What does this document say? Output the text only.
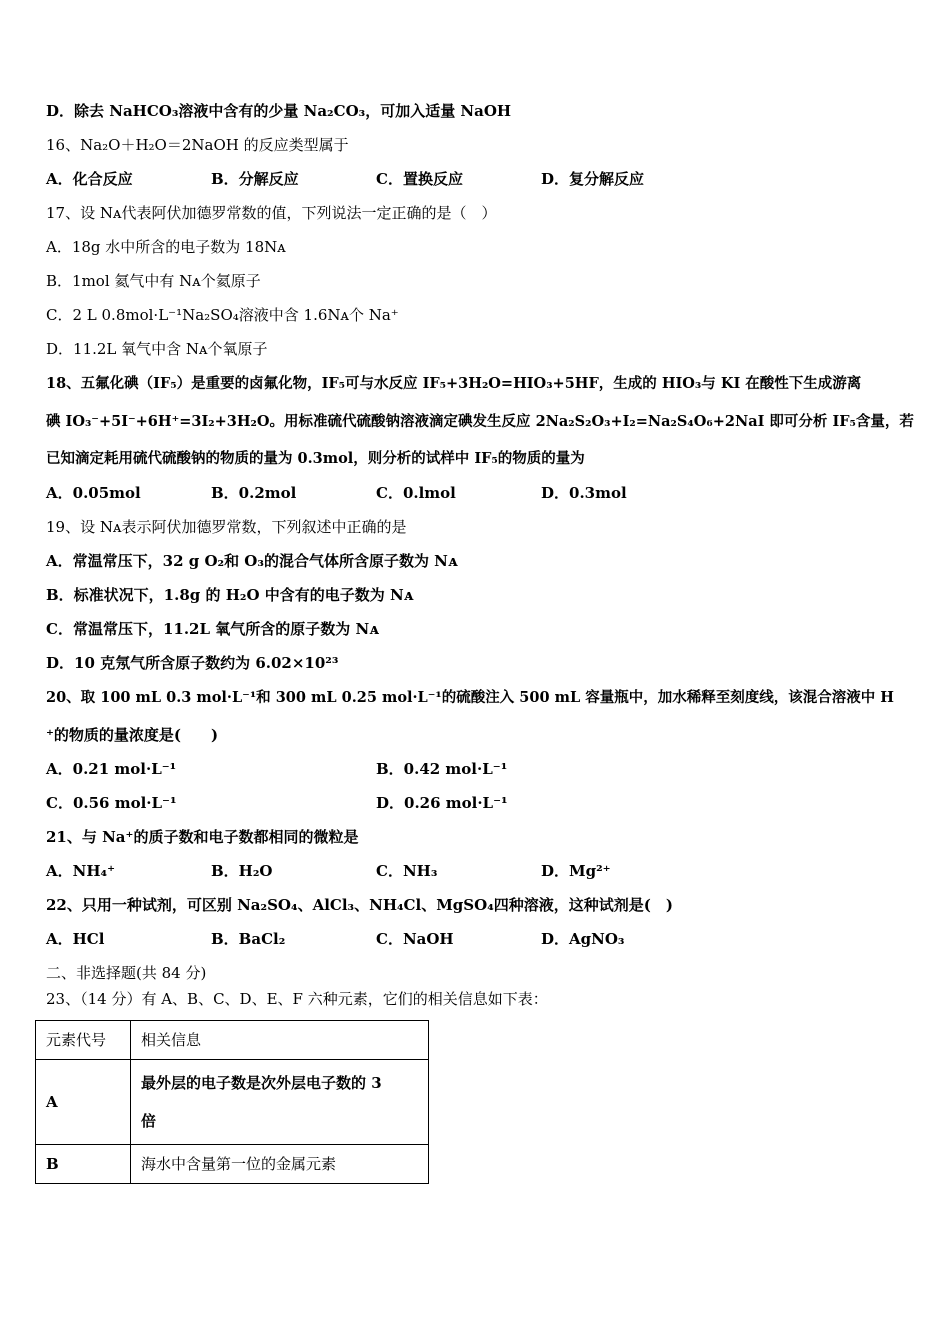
D．除去 NaHCO₃溶液中含有的少量 Na₂CO₃，可加入适量 NaOH
16、Na₂O＋H₂O＝2NaOH 的反应类型属于
A．化合反应	B．分解反应	C．置换反应	D．复分解反应
17、设 Nᴀ代表阿伏加德罗常数的值，下列说法一定正确的是（　）
A．18g 水中所含的电子数为 18Nᴀ
B．1mol 氦气中有 Nᴀ个氦原子
C．2 L 0.8mol·L⁻¹Na₂SO₄溶液中含 1.6Nᴀ个 Na⁺
D．11.2L 氧气中含 Nᴀ个氧原子
18、五氟化碘（IF₅）是重要的卤氟化物，IF₅可与水反应 IF₅+3H₂O=HIO₃+5HF，生成的 HIO₃与 KI 在酸性下生成游离
碘 IO₃⁻+5I⁻+6H⁺=3I₂+3H₂O。用标准硫代硫酸钠溶液滴定碘发生反应 2Na₂S₂O₃+I₂=Na₂S₄O₆+2NaI 即可分析 IF₅含量，若
已知滴定耗用硫代硫酸钠的物质的量为 0.3mol，则分析的试样中 IF₅的物质的量为
A．0.05mol	B．0.2mol	C．0.lmol	D．0.3mol
19、设 Nᴀ表示阿伏加德罗常数，下列叙述中正确的是
A．常温常压下，32 g O₂和 O₃的混合气体所含原子数为 Nᴀ
B．标准状况下，1.8g 的 H₂O 中含有的电子数为 Nᴀ
C．常温常压下，11.2L 氧气所含的原子数为 Nᴀ
D．10 克氖气所含原子数约为 6.02×10²³
20、取 100 mL 0.3 mol·L⁻¹和 300 mL 0.25 mol·L⁻¹的硫酸注入 500 mL 容量瓶中，加水稀释至刻度线，该混合溶液中 H
⁺的物质的量浓度是(　　)
A．0.21 mol·L⁻¹	B．0.42 mol·L⁻¹
C．0.56 mol·L⁻¹	D．0.26 mol·L⁻¹
21、与 Na⁺的质子数和电子数都相同的微粒是
A．NH₄⁺	B．H₂O	C．NH₃	D．Mg²⁺
22、只用一种试剂，可区别 Na₂SO₄、AlCl₃、NH₄Cl、MgSO₄四种溶液，这种试剂是(　)
A．HCl	B．BaCl₂	C．NaOH	D．AgNO₃
二、非选择题(共 84 分)
23、（14 分）有 A、B、C、D、E、F 六种元素，它们的相关信息如下表：
元素代号	相关信息
A	最外层的电子数是次外层电子数的 3
倍

B	海水中含量第一位的金属元素
